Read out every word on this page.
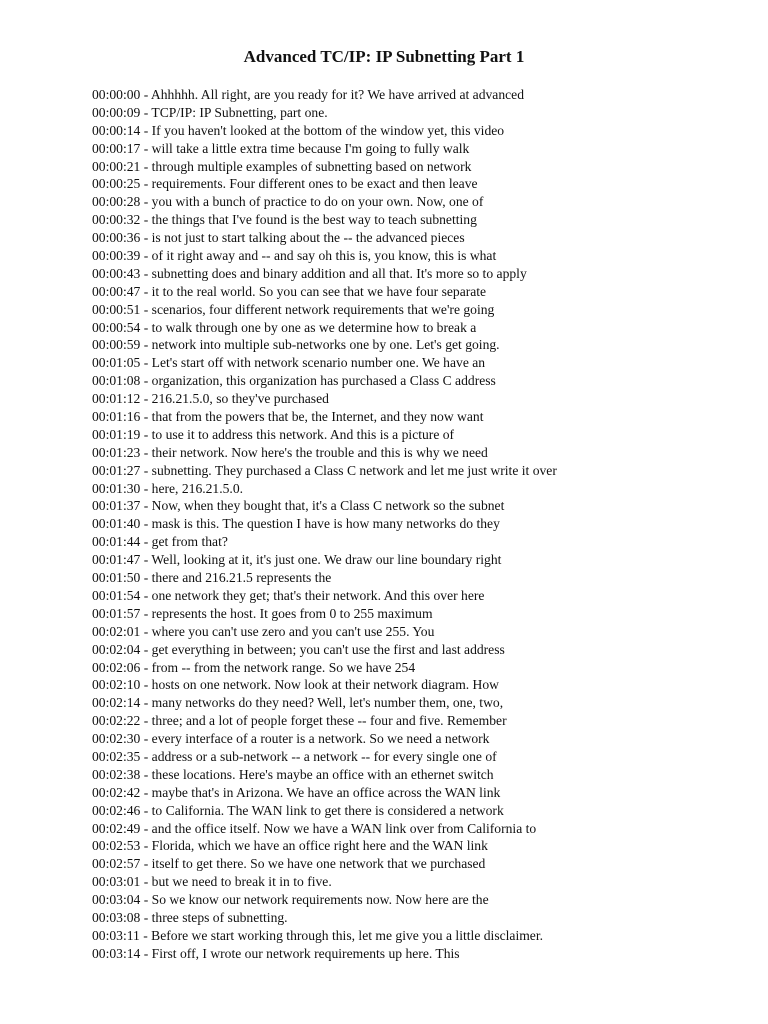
Advanced TC/IP: IP Subnetting Part 1
00:00:00 - Ahhhhh. All right, are you ready for it? We have arrived at advanced
00:00:09 - TCP/IP: IP Subnetting, part one.
00:00:14 - If you haven't looked at the bottom of the window yet, this video
00:00:17 - will take a little extra time because I'm going to fully walk
00:00:21 - through multiple examples of subnetting based on network
00:00:25 - requirements. Four different ones to be exact and then leave
00:00:28 - you with a bunch of practice to do on your own. Now, one of
00:00:32 - the things that I've found is the best way to teach subnetting
00:00:36 - is not just to start talking about the -- the advanced pieces
00:00:39 - of it right away and -- and say oh this is, you know, this is what
00:00:43 - subnetting does and binary addition and all that. It's more so to apply
00:00:47 - it to the real world. So you can see that we have four separate
00:00:51 - scenarios, four different network requirements that we're going
00:00:54 - to walk through one by one as we determine how to break a
00:00:59 - network into multiple sub-networks one by one. Let's get going.
00:01:05 - Let's start off with network scenario number one. We have an
00:01:08 - organization, this organization has purchased a Class C address
00:01:12 - 216.21.5.0, so they've purchased
00:01:16 - that from the powers that be, the Internet, and they now want
00:01:19 - to use it to address this network. And this is a picture of
00:01:23 - their network. Now here's the trouble and this is why we need
00:01:27 - subnetting. They purchased a Class C network and let me just write it over
00:01:30 - here, 216.21.5.0.
00:01:37 - Now, when they bought that, it's a Class C network so the subnet
00:01:40 - mask is this. The question I have is how many networks do they
00:01:44 - get from that?
00:01:47 - Well, looking at it, it's just one. We draw our line boundary right
00:01:50 - there and 216.21.5 represents the
00:01:54 - one network they get; that's their network. And this over here
00:01:57 - represents the host. It goes from 0 to 255 maximum
00:02:01 - where you can't use zero and you can't use 255. You
00:02:04 - get everything in between; you can't use the first and last address
00:02:06 - from -- from the network range. So we have 254
00:02:10 - hosts on one network. Now look at their network diagram. How
00:02:14 - many networks do they need? Well, let's number them, one, two,
00:02:22 - three; and a lot of people forget these -- four and five. Remember
00:02:30 - every interface of a router is a network. So we need a network
00:02:35 - address or a sub-network -- a network -- for every single one of
00:02:38 - these locations. Here's maybe an office with an ethernet switch
00:02:42 - maybe that's in Arizona. We have an office across the WAN link
00:02:46 - to California. The WAN link to get there is considered a network
00:02:49 - and the office itself. Now we have a WAN link over from California to
00:02:53 - Florida, which we have an office right here and the WAN link
00:02:57 - itself to get there. So we have one network that we purchased
00:03:01 - but we need to break it in to five.
00:03:04 - So we know our network requirements now. Now here are the
00:03:08 - three steps of subnetting.
00:03:11 - Before we start working through this, let me give you a little disclaimer.
00:03:14 - First off, I wrote our network requirements up here. This
